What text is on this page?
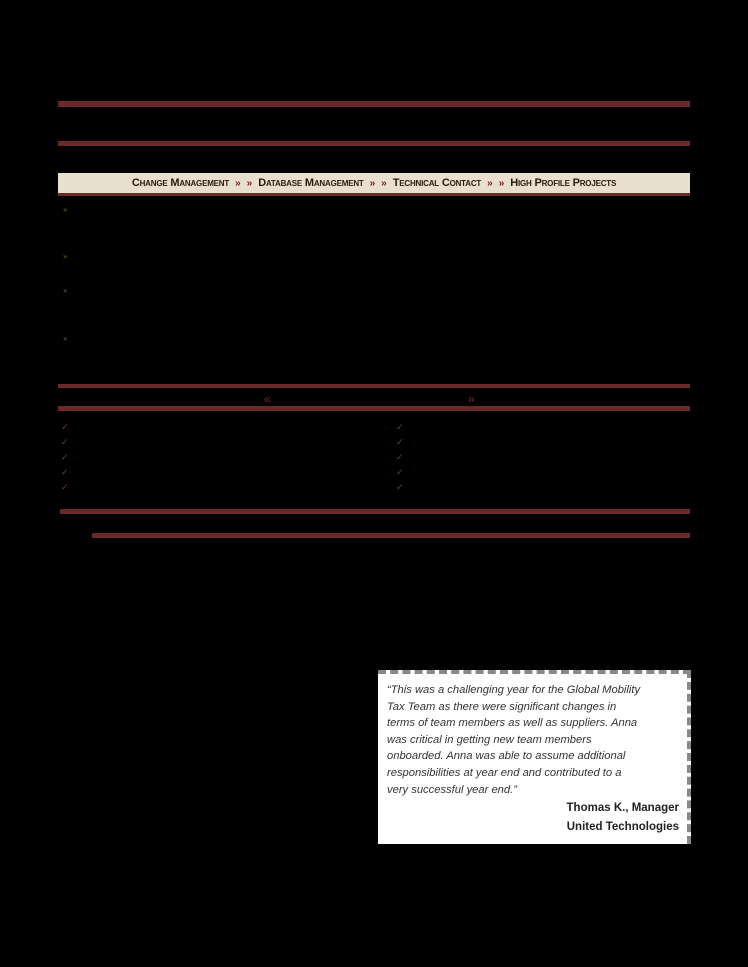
Change Management » » Database Management » » Technical Contact » » High Profile Projects
»
»
»
»
«	»
✓
✓
✓
✓
✓
✓
✓
✓
✓
✓

“This was a challenging year for the Global Mobility
Tax Team as there were significant changes in
terms of team members as well as suppliers. Anna
was critical in getting new team members
onboarded. Anna was able to assume additional
responsibilities at year end and contributed to a
very successful year end.”

Thomas K., Manager
United Technologies
